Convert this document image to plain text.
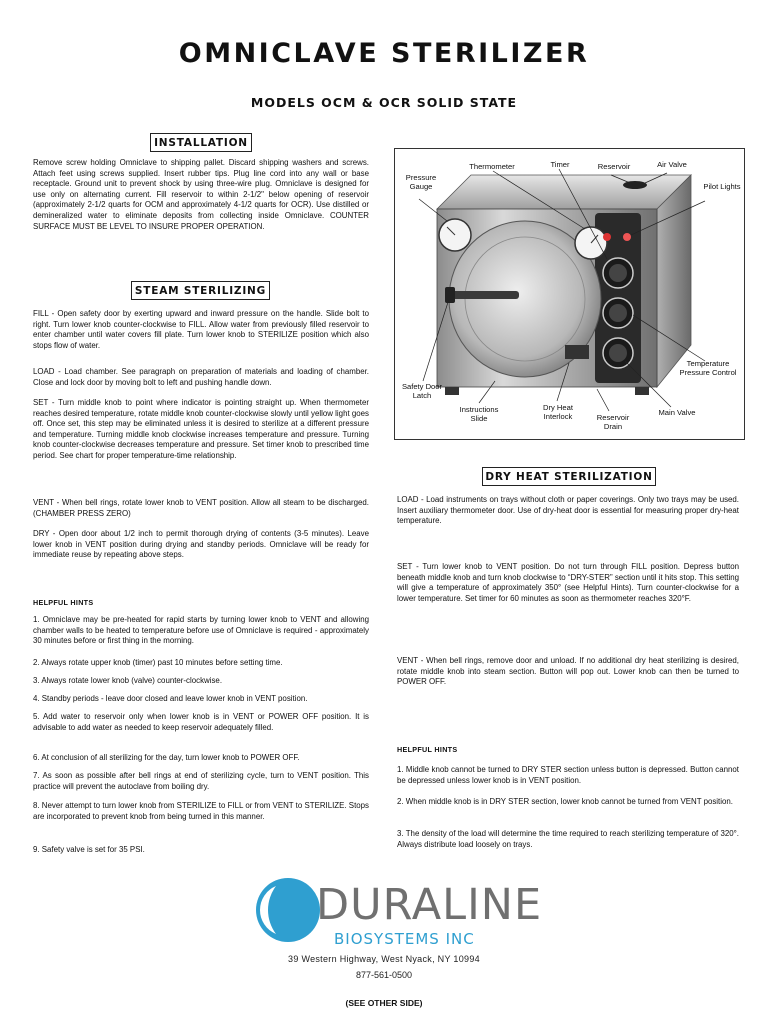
OMNICLAVE STERILIZER
MODELS OCM & OCR SOLID STATE
INSTALLATION
Remove screw holding Omniclave to shipping pallet. Discard shipping washers and screws. Attach feet using screws supplied. Insert rubber tips. Plug line cord into any wall or base receptacle. Ground unit to prevent shock by using three-wire plug. Omniclave is designed for use only on alternating current. Fill reservoir to within 2-1/2" below opening of reservoir (approximately 2-1/2 quarts for OCM and approximately 4-1/2 quarts for OCR). Use distilled or demineralized water to eliminate deposits from collecting inside Omniclave. COUNTER SURFACE MUST BE LEVEL TO INSURE PROPER OPERATION.
STEAM STERILIZING
FILL - Open safety door by exerting upward and inward pressure on the handle. Slide bolt to right. Turn lower knob counter-clockwise to FILL. Allow water from previously filled reservoir to enter chamber until water covers fill plate. Turn lower knob to STERILIZE position which also stops flow of water.
LOAD - Load chamber. See paragraph on preparation of materials and loading of chamber. Close and lock door by moving bolt to left and pushing handle down.
SET - Turn middle knob to point where indicator is pointing straight up. When thermometer reaches desired temperature, rotate middle knob counter-clockwise slowly until yellow light goes off. Once set, this step may be eliminated unless it is desired to sterilize at a different pressure and temperature. Turning middle knob clockwise increases temperature and pressure. Turning knob counter-clockwise decreases temperature and pressure. Set timer knob to prescribed time period. See chart for proper temperature-time relationship.
VENT - When bell rings, rotate lower knob to VENT position. Allow all steam to be discharged. (CHAMBER PRESS ZERO)
DRY - Open door about 1/2 inch to permit thorough drying of contents (3-5 minutes). Leave lower knob in VENT position during drying and standby periods. Omniclave will be ready for immediate reuse by repeating above steps.
HELPFUL HINTS
1. Omniclave may be pre-heated for rapid starts by turning lower knob to VENT and allowing chamber walls to be heated to temperature before use of Omniclave is required - approximately 30 minutes before or first thing in the morning.
2. Always rotate upper knob (timer) past 10 minutes before setting time.
3. Always rotate lower knob (valve) counter-clockwise.
4. Standby periods - leave door closed and leave lower knob in VENT position.
5. Add water to reservoir only when lower knob is in VENT or POWER OFF position. It is advisable to add water as needed to keep reservoir adequately filled.
6. At conclusion of all sterilizing for the day, turn lower knob to POWER OFF.
7. As soon as possible after bell rings at end of sterilizing cycle, turn to VENT position. This practice will prevent the autoclave from boiling dry.
8. Never attempt to turn lower knob from STERILIZE to FILL or from VENT to STERILIZE. Stops are incorporated to prevent knob from being turned in this manner.
9. Safety valve is set for 35 PSI.
Pressure Gauge
Thermometer	Timer	Reservoir	Air Valve
Pilot Lights
Temperature Pressure Control
Safety Door Latch
Instructions Slide
Dry Heat Interlock	Reservoir Drain
Main Valve
DRY HEAT STERILIZATION
LOAD - Load instruments on trays without cloth or paper coverings. Only two trays may be used. Insert auxiliary thermometer door. Use of dry-heat door is essential for measuring proper dry-heat temperature.
SET - Turn lower knob to VENT position. Do not turn through FILL position. Depress button beneath middle knob and turn knob clockwise to “DRY-STER” section until it hits stop. This setting will give a temperature of approximately 350° (see Helpful Hints). Turn counter-clockwise for a lower temperature. Set timer for 60 minutes as soon as thermometer reaches 320°F.
VENT - When bell rings, remove door and unload. If no additional dry heat sterilizing is desired, rotate middle knob into steam section. Button will pop out. Lower knob can then be turned to POWER OFF.
HELPFUL HINTS
1. Middle knob cannot be turned to DRY STER section unless button is depressed. Button cannot be depressed unless lower knob is in VENT position.
2. When middle knob is in DRY STER section, lower knob cannot be turned from VENT position.
3. The density of the load will determine the time required to reach sterilizing temperature of 320°. Always distribute load loosely on trays.
DURALINE
BIOSYSTEMS INC
39 Western Highway, West Nyack, NY 10994
877-561-0500
(SEE OTHER SIDE)
